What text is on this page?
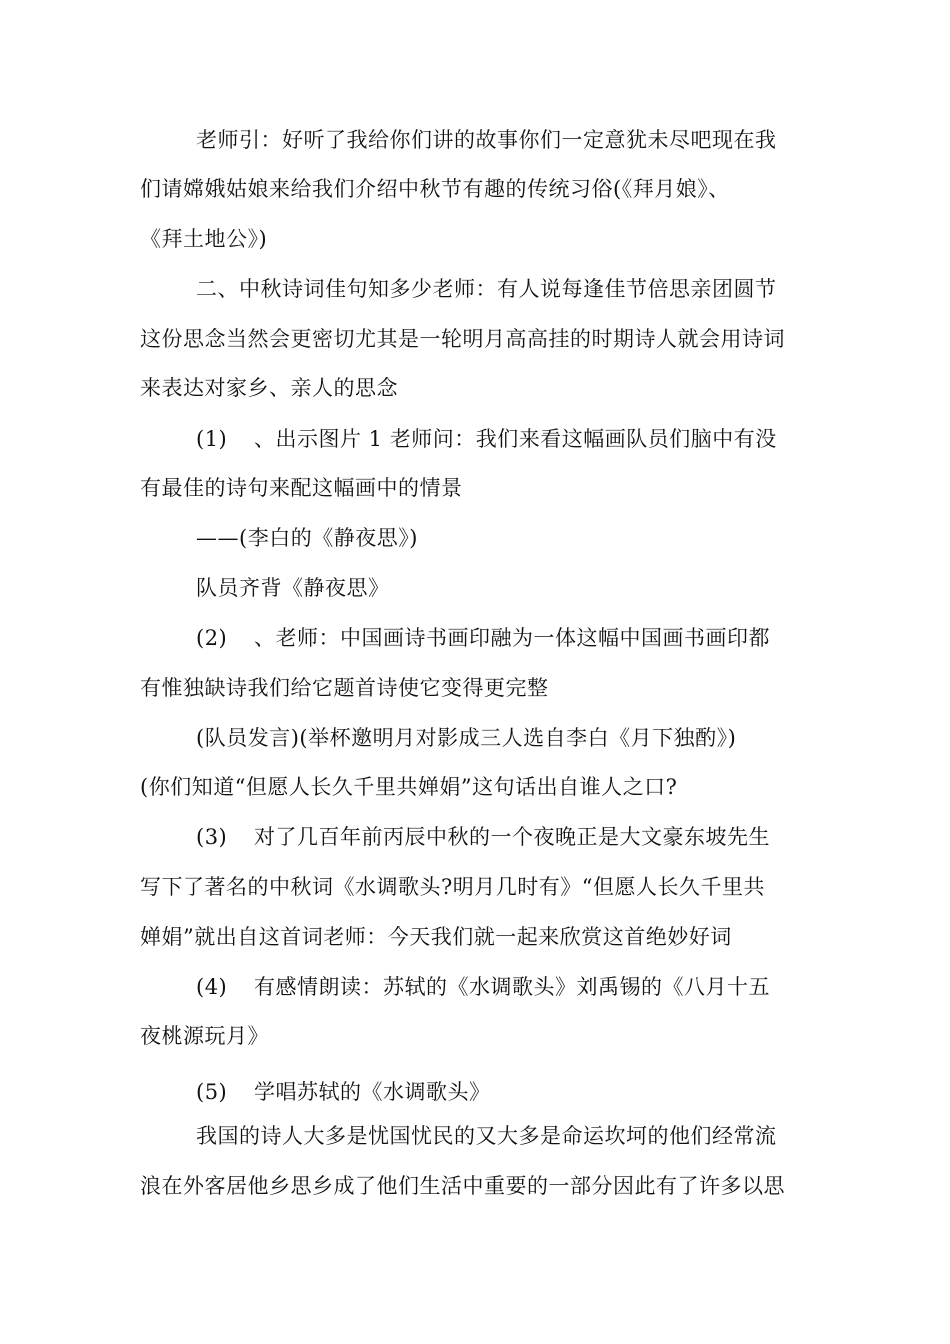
老师引：好听了我给你们讲的故事你们一定意犹未尽吧现在我

们请嫦娥姑娘来给我们介绍中秋节有趣的传统习俗(《拜月娘》、

《拜土地公》)

二、中秋诗词佳句知多少老师：有人说每逢佳节倍思亲团圆节

这份思念当然会更密切尤其是一轮明月高高挂的时期诗人就会用诗词

来表达对家乡、亲人的思念

(1) 、出示图片 1 老师问：我们来看这幅画队员们脑中有没

有最佳的诗句来配这幅画中的情景

——(李白的《静夜思》)

队员齐背《静夜思》

(2) 、老师：中国画诗书画印融为一体这幅中国画书画印都

有惟独缺诗我们给它题首诗使它变得更完整

(队员发言)(举杯邀明月对影成三人选自李白《月下独酌》)

(你们知道“但愿人长久千里共婵娟”这句话出自谁人之口?

(3) 对了几百年前丙辰中秋的一个夜晚正是大文豪东坡先生

写下了著名的中秋词《水调歌头?明月几时有》“但愿人长久千里共

婵娟”就出自这首词老师：今天我们就一起来欣赏这首绝妙好词

(4) 有感情朗读：苏轼的《水调歌头》刘禹锡的《八月十五

夜桃源玩月》

(5) 学唱苏轼的《水调歌头》

我国的诗人大多是忧国忧民的又大多是命运坎坷的他们经常流

浪在外客居他乡思乡成了他们生活中重要的一部分因此有了许多以思
